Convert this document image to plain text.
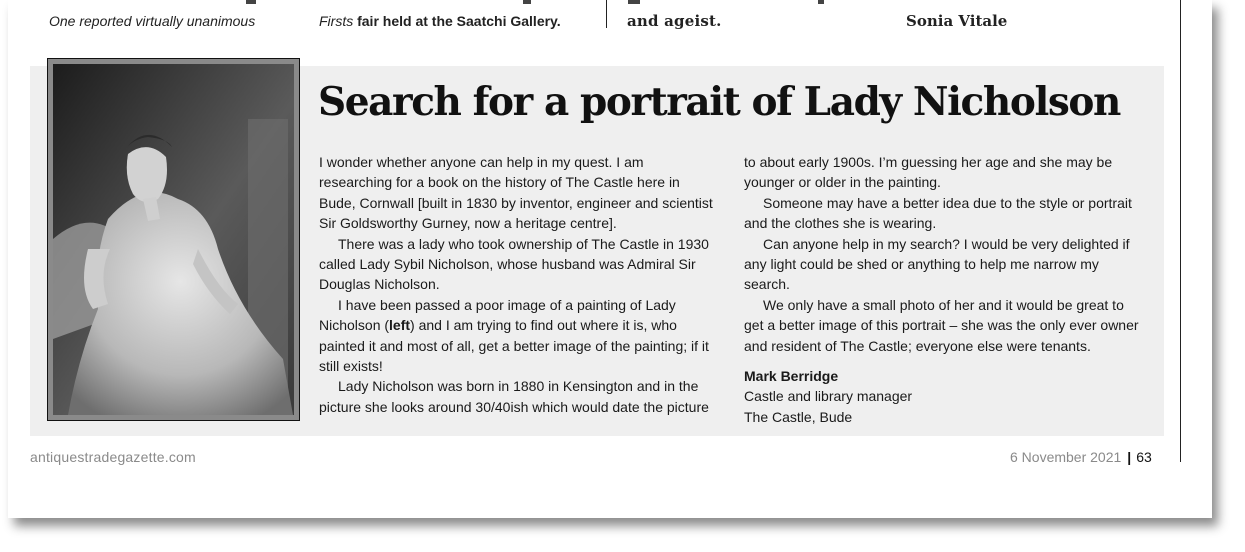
One reported virtually unanimous	Firsts fair held at the Saatchi Gallery.	and ageist.	Sonia Vitale
Search for a portrait of Lady Nicholson

I wonder whether anyone can help in my quest. I am researching for a book on the history of The Castle here in Bude, Cornwall [built in 1830 by inventor, engineer and scientist Sir Goldsworthy Gurney, now a heritage centre].

There was a lady who took ownership of The Castle in 1930 called Lady Sybil Nicholson, whose husband was Admiral Sir Douglas Nicholson.

I have been passed a poor image of a painting of Lady Nicholson (left) and I am trying to find out where it is, who painted it and most of all, get a better image of the painting; if it still exists!

Lady Nicholson was born in 1880 in Kensington and in the picture she looks around 30/40ish which would date the picture

to about early 1900s. I’m guessing her age and she may be younger or older in the painting.

Someone may have a better idea due to the style or portrait and the clothes she is wearing.

Can anyone help in my search? I would be very delighted if any light could be shed or anything to help me narrow my search.

We only have a small photo of her and it would be great to get a better image of this portrait – she was the only ever owner and resident of The Castle; everyone else were tenants.

Mark Berridge

Castle and library manager

The Castle, Bude

antiquestradegazette.com	6 November 2021 | 63
